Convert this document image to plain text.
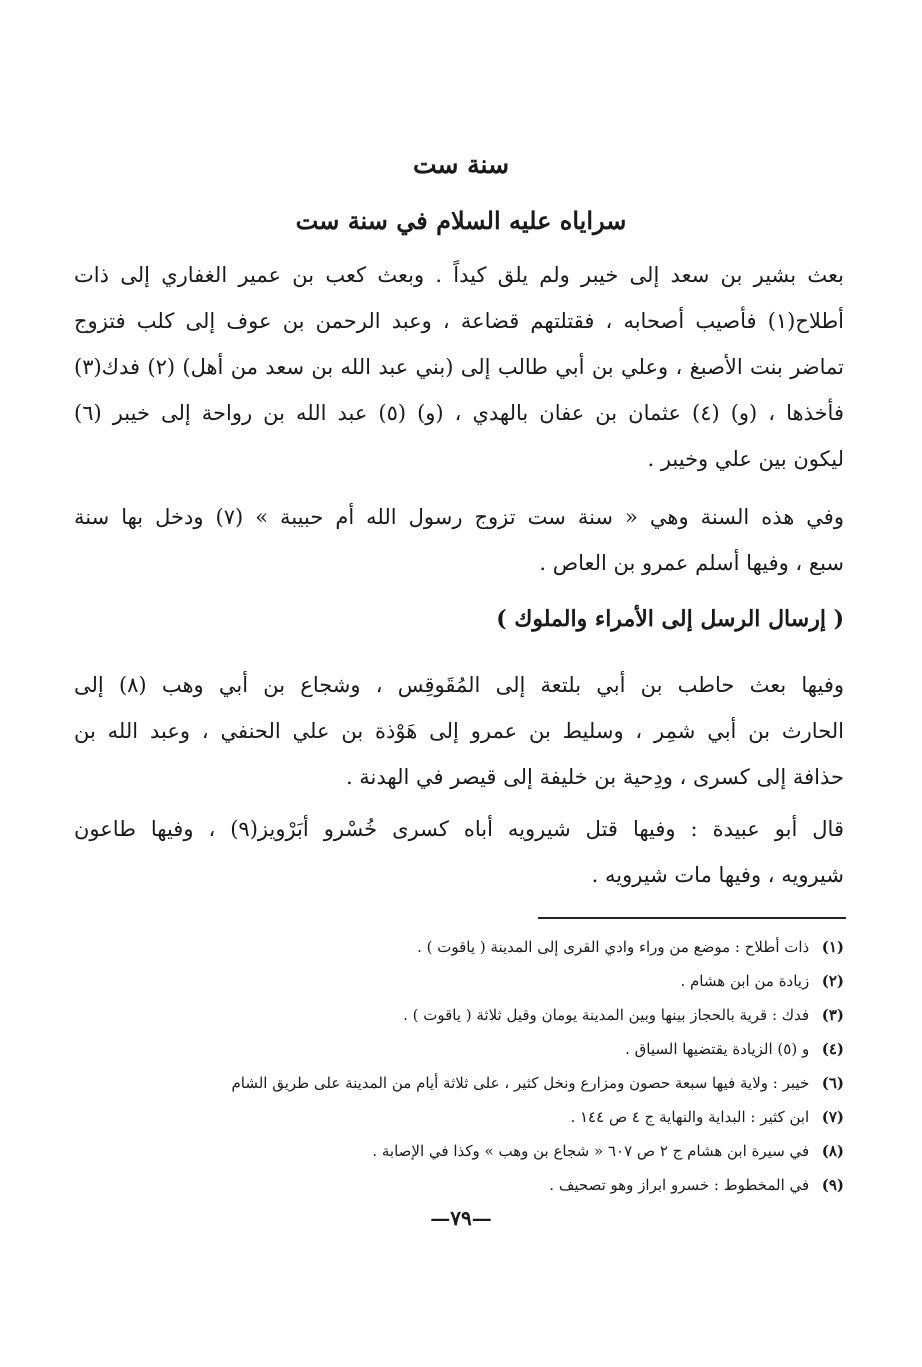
سنة ست
سراياه عليه السلام في سنة ست
بعث بشير بن سعد إلى خيبر ولم يلق كيداً . وبعث كعب بن عمير الغفاري إلى ذات
أطلاح(١) فأصيب أصحابه ، فقتلتهم قضاعة ، وعبد الرحمن بن عوف إلى كلب فتزوج
تماضر بنت الأصبغ ، وعلي بن أبي طالب إلى (بني عبد الله بن سعد من أهل) (٢) فدك(٣)
فأخذها ، (و) (٤) عثمان بن عفان بالهدي ، (و) (٥) عبد الله بن رواحة إلى خيبر (٦)
ليكون بين علي وخيبر .
وفي هذه السنة وهي « سنة ست تزوج رسول الله أم حبيبة » (٧) ودخل بها سنة
سبع ، وفيها أسلم عمرو بن العاص .
( إرسال الرسل إلى الأمراء والملوك )
وفيها بعث حاطب بن أبي بلتعة إلى المُقَوقِس ، وشجاع بن أبي وهب (٨) إلى
الحارث بن أبي شمِر ، وسليط بن عمرو إلى هَوْذة بن علي الحنفي ، وعبد الله بن
حذافة إلى كسرى ، ودِحية بن خليفة إلى قيصر في الهدنة .
قال أبو عبيدة : وفيها قتل شيرويه أباه كسرى خُسْرو أبَرْويز(٩) ، وفيها طاعون
شيرويه ، وفيها مات شيرويه .
(١) ذات أطلاح : موضع من وراء وادي القرى إلى المدينة ( ياقوت ) .
(٢) زيادة من ابن هشام .
(٣) فدك : قرية بالحجاز بينها وبين المدينة يومان وقيل ثلاثة ( ياقوت ) .
(٤) و (٥) الزيادة يقتضيها السياق .
(٦) خيبر : ولاية فيها سبعة حصون ومزارع ونخل كثير ، على ثلاثة أيام من المدينة على طريق الشام
(٧) ابن كثير : البداية والنهاية ج ٤ ص ١٤٤ .
(٨) في سيرة ابن هشام ج ٢ ص ٦٠٧ « شجاع بن وهب » وكذا في الإصابة .
(٩) في المخطوط : خسرو ابراز وهو تصحيف .
—٧٩—
